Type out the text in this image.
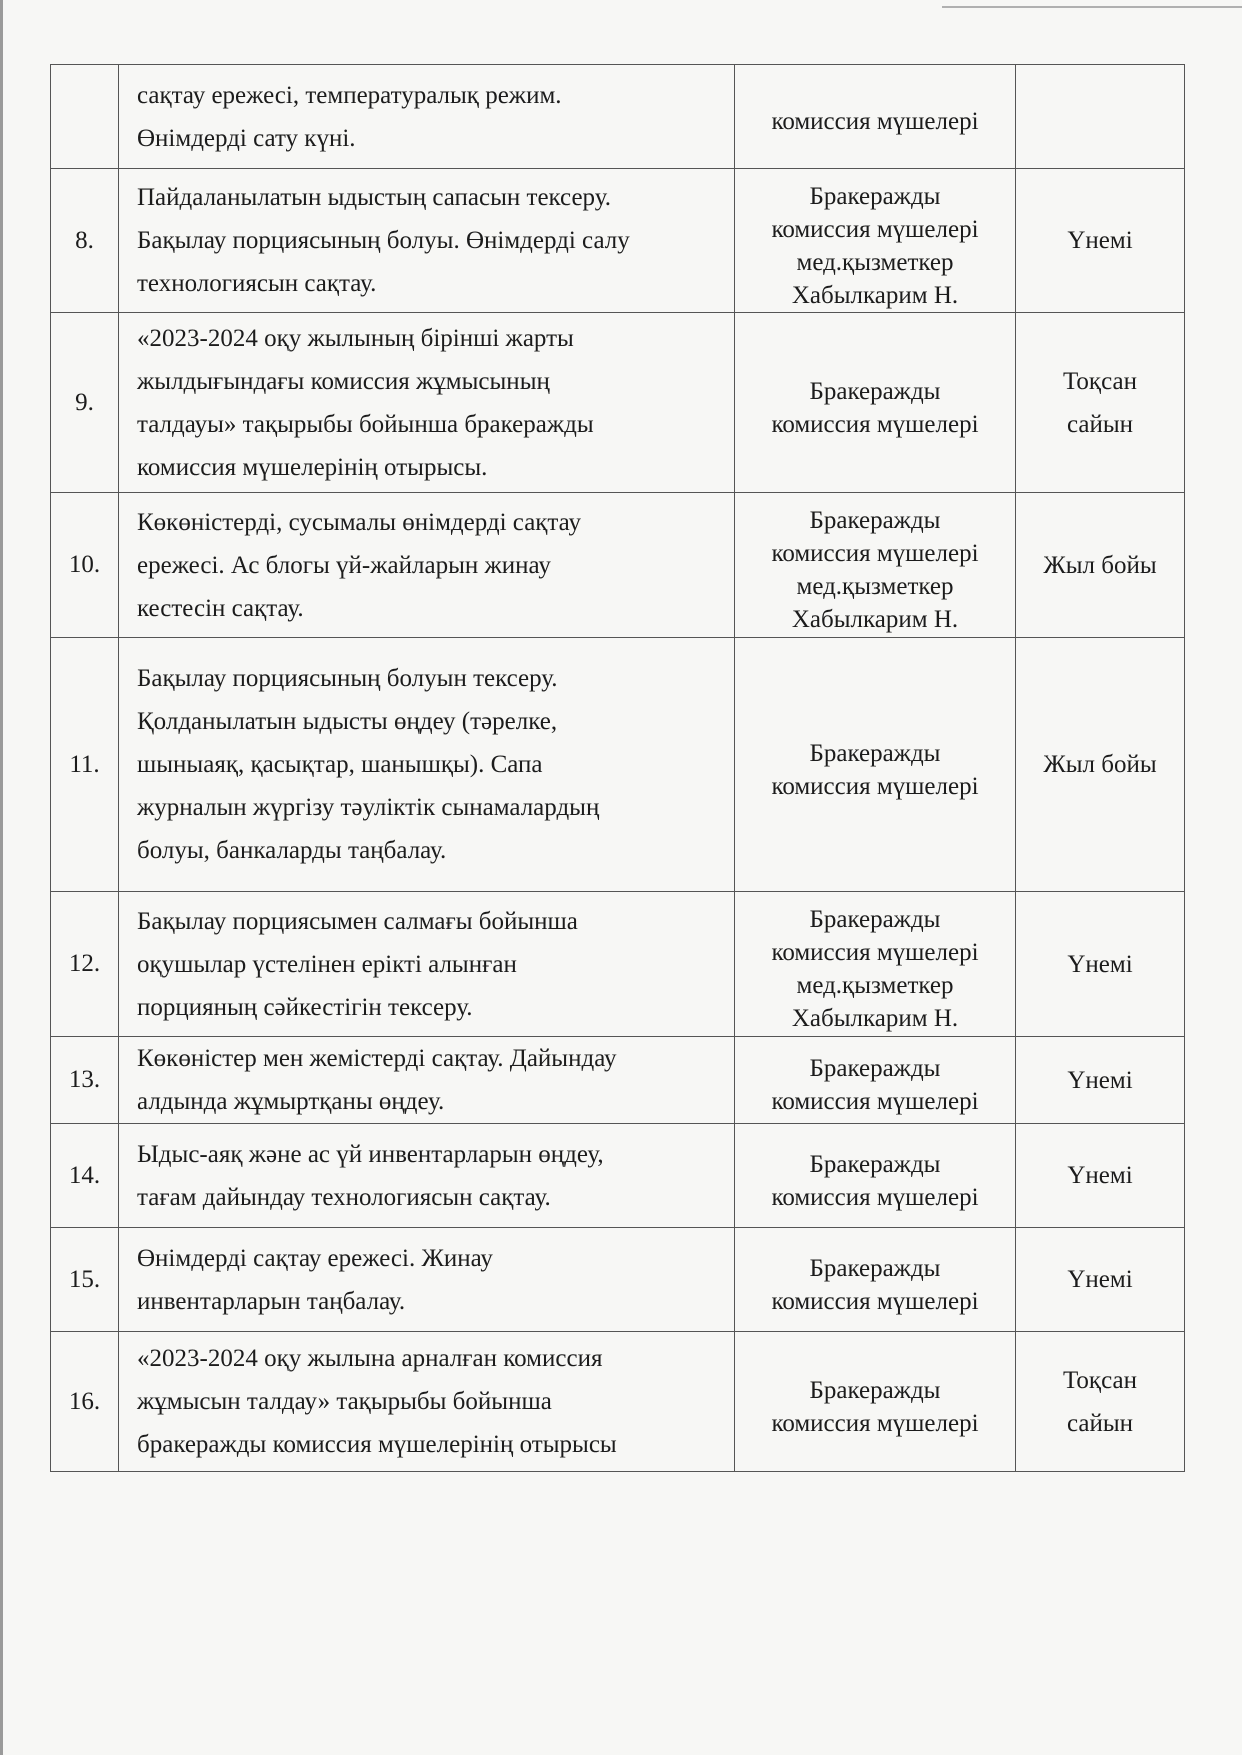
	сақтау ережесі, температуралық режим.
Өнімдерді сату күні.	комиссия мүшелері	
8.	Пайдаланылатын ыдыстың сапасын тексеру.
Бақылау порциясының болуы. Өнімдерді салу
технологиясын сақтау.	Бракеражды
комиссия мүшелері
мед.қызметкер
Хабылкарим Н.	Үнемі
9.	«2023-2024 оқу жылының бірінші жарты
жылдығындағы комиссия жұмысының
талдауы» тақырыбы бойынша бракеражды
комиссия мүшелерінің отырысы.	Бракеражды
комиссия мүшелері	Тоқсан
сайын
10.	Көкөністерді, сусымалы өнімдерді сақтау
ережесі. Ас блогы үй-жайларын жинау
кестесін сақтау.	Бракеражды
комиссия мүшелері
мед.қызметкер
Хабылкарим Н.	Жыл бойы
11.	Бақылау порциясының болуын тексеру.
Қолданылатын ыдысты өңдеу (тәрелке,
шыныаяқ, қасықтар, шанышқы). Сапа
журналын жүргізу тәуліктік сынамалардың
болуы, банкаларды таңбалау.	Бракеражды
комиссия мүшелері	Жыл бойы
12.	Бақылау порциясымен салмағы бойынша
оқушылар үстелінен ерікті алынған
порцияның сәйкестігін тексеру.	Бракеражды
комиссия мүшелері
мед.қызметкер
Хабылкарим Н.	Үнемі
13.	Көкөністер мен жемістерді сақтау. Дайындау
алдында жұмыртқаны өңдеу.	Бракеражды
комиссия мүшелері	Үнемі
14.	Ыдыс-аяқ және ас үй инвентарларын өңдеу,
тағам дайындау технологиясын сақтау.	Бракеражды
комиссия мүшелері	Үнемі
15.	Өнімдерді сақтау ережесі. Жинау
инвентарларын таңбалау.	Бракеражды
комиссия мүшелері	Үнемі
16.	«2023-2024 оқу жылына арналған комиссия
жұмысын талдау» тақырыбы бойынша
бракеражды комиссия мүшелерінің отырысы	Бракеражды
комиссия мүшелері	Тоқсан
сайын
